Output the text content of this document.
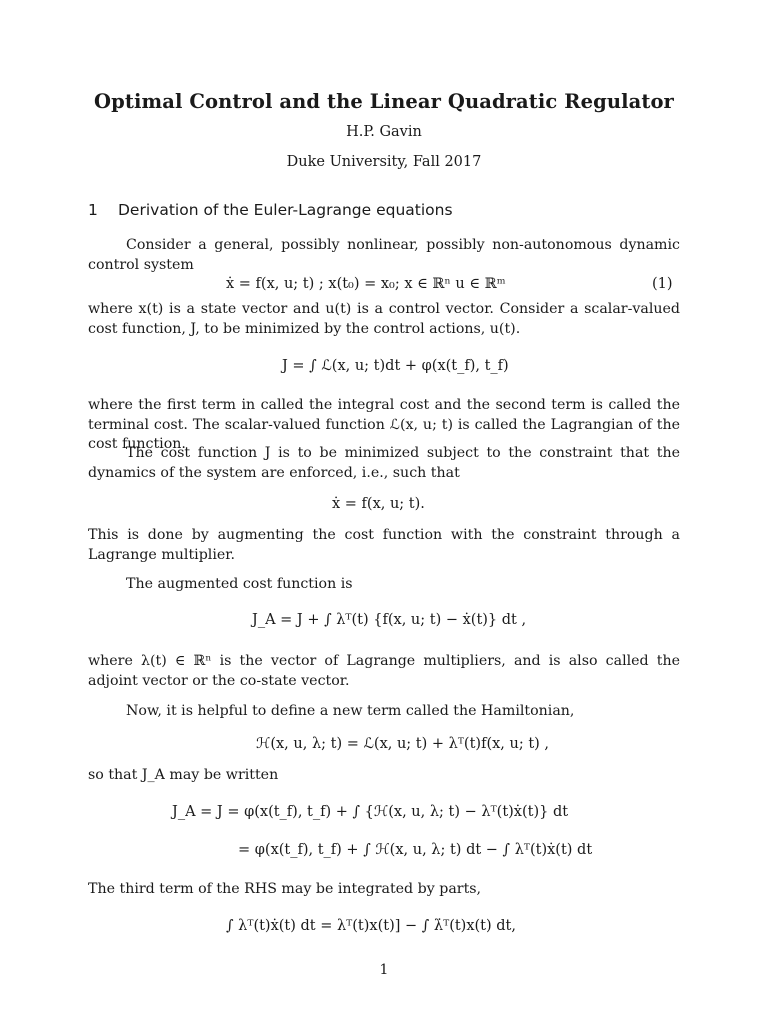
Optimal Control and the Linear Quadratic Regulator
H.P. Gavin
Duke University, Fall 2017
1 Derivation of the Euler-Lagrange equations
Consider a general, possibly nonlinear, possibly non-autonomous dynamic control system
ẋ = f(x, u; t) ; x(t₀) = x₀; x ∈ ℝⁿ u ∈ ℝᵐ	(1)
where x(t) is a state vector and u(t) is a control vector. Consider a scalar-valued cost function, J, to be minimized by the control actions, u(t).
J = ∫ ℒ(x, u; t)dt + φ(x(t_f), t_f)
where the first term in called the integral cost and the second term is called the terminal cost. The scalar-valued function ℒ(x, u; t) is called the Lagrangian of the cost function.
The cost function J is to be minimized subject to the constraint that the dynamics of the system are enforced, i.e., such that
ẋ = f(x, u; t).
This is done by augmenting the cost function with the constraint through a Lagrange multiplier.
The augmented cost function is
J_A = J + ∫ λᵀ(t) {f(x, u; t) − ẋ(t)} dt ,
where λ(t) ∈ ℝⁿ is the vector of Lagrange multipliers, and is also called the adjoint vector or the co-state vector.
Now, it is helpful to define a new term called the Hamiltonian,
ℋ(x, u, λ; t) = ℒ(x, u; t) + λᵀ(t)f(x, u; t) ,
so that J_A may be written
J_A = J = φ(x(t_f), t_f) + ∫ {ℋ(x, u, λ; t) − λᵀ(t)ẋ(t)} dt
= φ(x(t_f), t_f) + ∫ ℋ(x, u, λ; t) dt − ∫ λᵀ(t)ẋ(t) dt
The third term of the RHS may be integrated by parts,
∫ λᵀ(t)ẋ(t) dt = λᵀ(t)x(t)] − ∫ λ̇ᵀ(t)x(t) dt,
1
